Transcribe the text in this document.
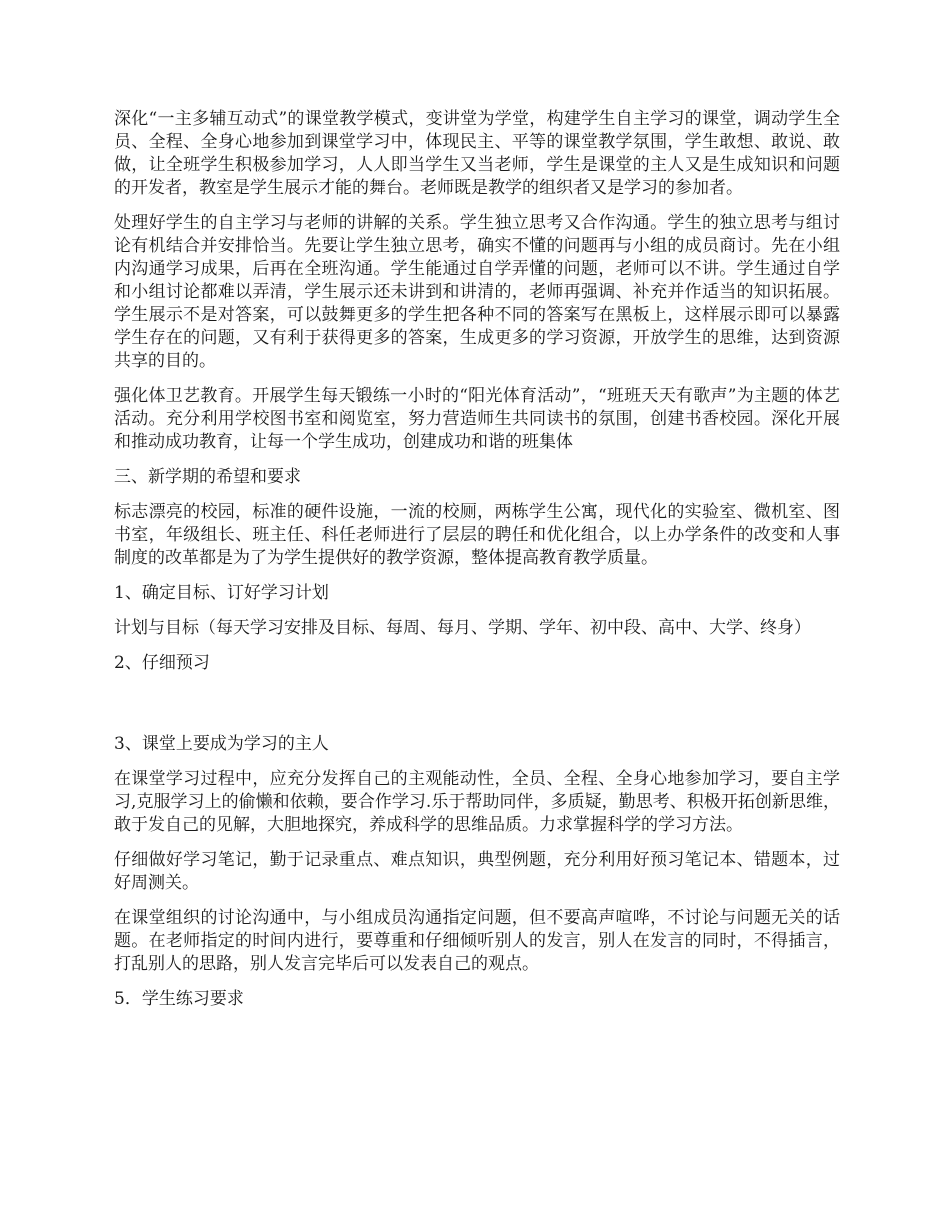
深化“一主多辅互动式”的课堂教学模式，变讲堂为学堂，构建学生自主学习的课堂，调动学生全员、全程、全身心地参加到课堂学习中，体现民主、平等的课堂教学氛围，学生敢想、敢说、敢做，让全班学生积极参加学习，人人即当学生又当老师，学生是课堂的主人又是生成知识和问题的开发者，教室是学生展示才能的舞台。老师既是教学的组织者又是学习的参加者。

处理好学生的自主学习与老师的讲解的关系。学生独立思考又合作沟通。学生的独立思考与组讨论有机结合并安排恰当。先要让学生独立思考，确实不懂的问题再与小组的成员商讨。先在小组内沟通学习成果，后再在全班沟通。学生能通过自学弄懂的问题，老师可以不讲。学生通过自学和小组讨论都难以弄清，学生展示还未讲到和讲清的，老师再强调、补充并作适当的知识拓展。学生展示不是对答案，可以鼓舞更多的学生把各种不同的答案写在黑板上，这样展示即可以暴露学生存在的问题，又有利于获得更多的答案，生成更多的学习资源，开放学生的思维，达到资源共享的目的。

强化体卫艺教育。开展学生每天锻练一小时的“阳光体育活动”，“班班天天有歌声”为主题的体艺活动。充分利用学校图书室和阅览室，努力营造师生共同读书的氛围，创建书香校园。深化开展和推动成功教育，让每一个学生成功，创建成功和谐的班集体

三、新学期的希望和要求

标志漂亮的校园，标准的硬件设施，一流的校厕，两栋学生公寓，现代化的实验室、微机室、图书室，年级组长、班主任、科任老师进行了层层的聘任和优化组合，以上办学条件的改变和人事制度的改革都是为了为学生提供好的教学资源，整体提高教育教学质量。

1、确定目标、订好学习计划

计划与目标（每天学习安排及目标、每周、每月、学期、学年、初中段、高中、大学、终身）

2、仔细预习

3、课堂上要成为学习的主人

在课堂学习过程中，应充分发挥自己的主观能动性，全员、全程、全身心地参加学习，要自主学习,克服学习上的偷懒和依赖，要合作学习.乐于帮助同伴，多质疑，勤思考、积极开拓创新思维，敢于发自己的见解，大胆地探究，养成科学的思维品质。力求掌握科学的学习方法。

仔细做好学习笔记，勤于记录重点、难点知识，典型例题，充分利用好预习笔记本、错题本，过好周测关。

在课堂组织的讨论沟通中，与小组成员沟通指定问题，但不要高声喧哗，不讨论与问题无关的话题。在老师指定的时间内进行，要尊重和仔细倾听别人的发言，别人在发言的同时，不得插言，打乱别人的思路，别人发言完毕后可以发表自己的观点。

5．学生练习要求
